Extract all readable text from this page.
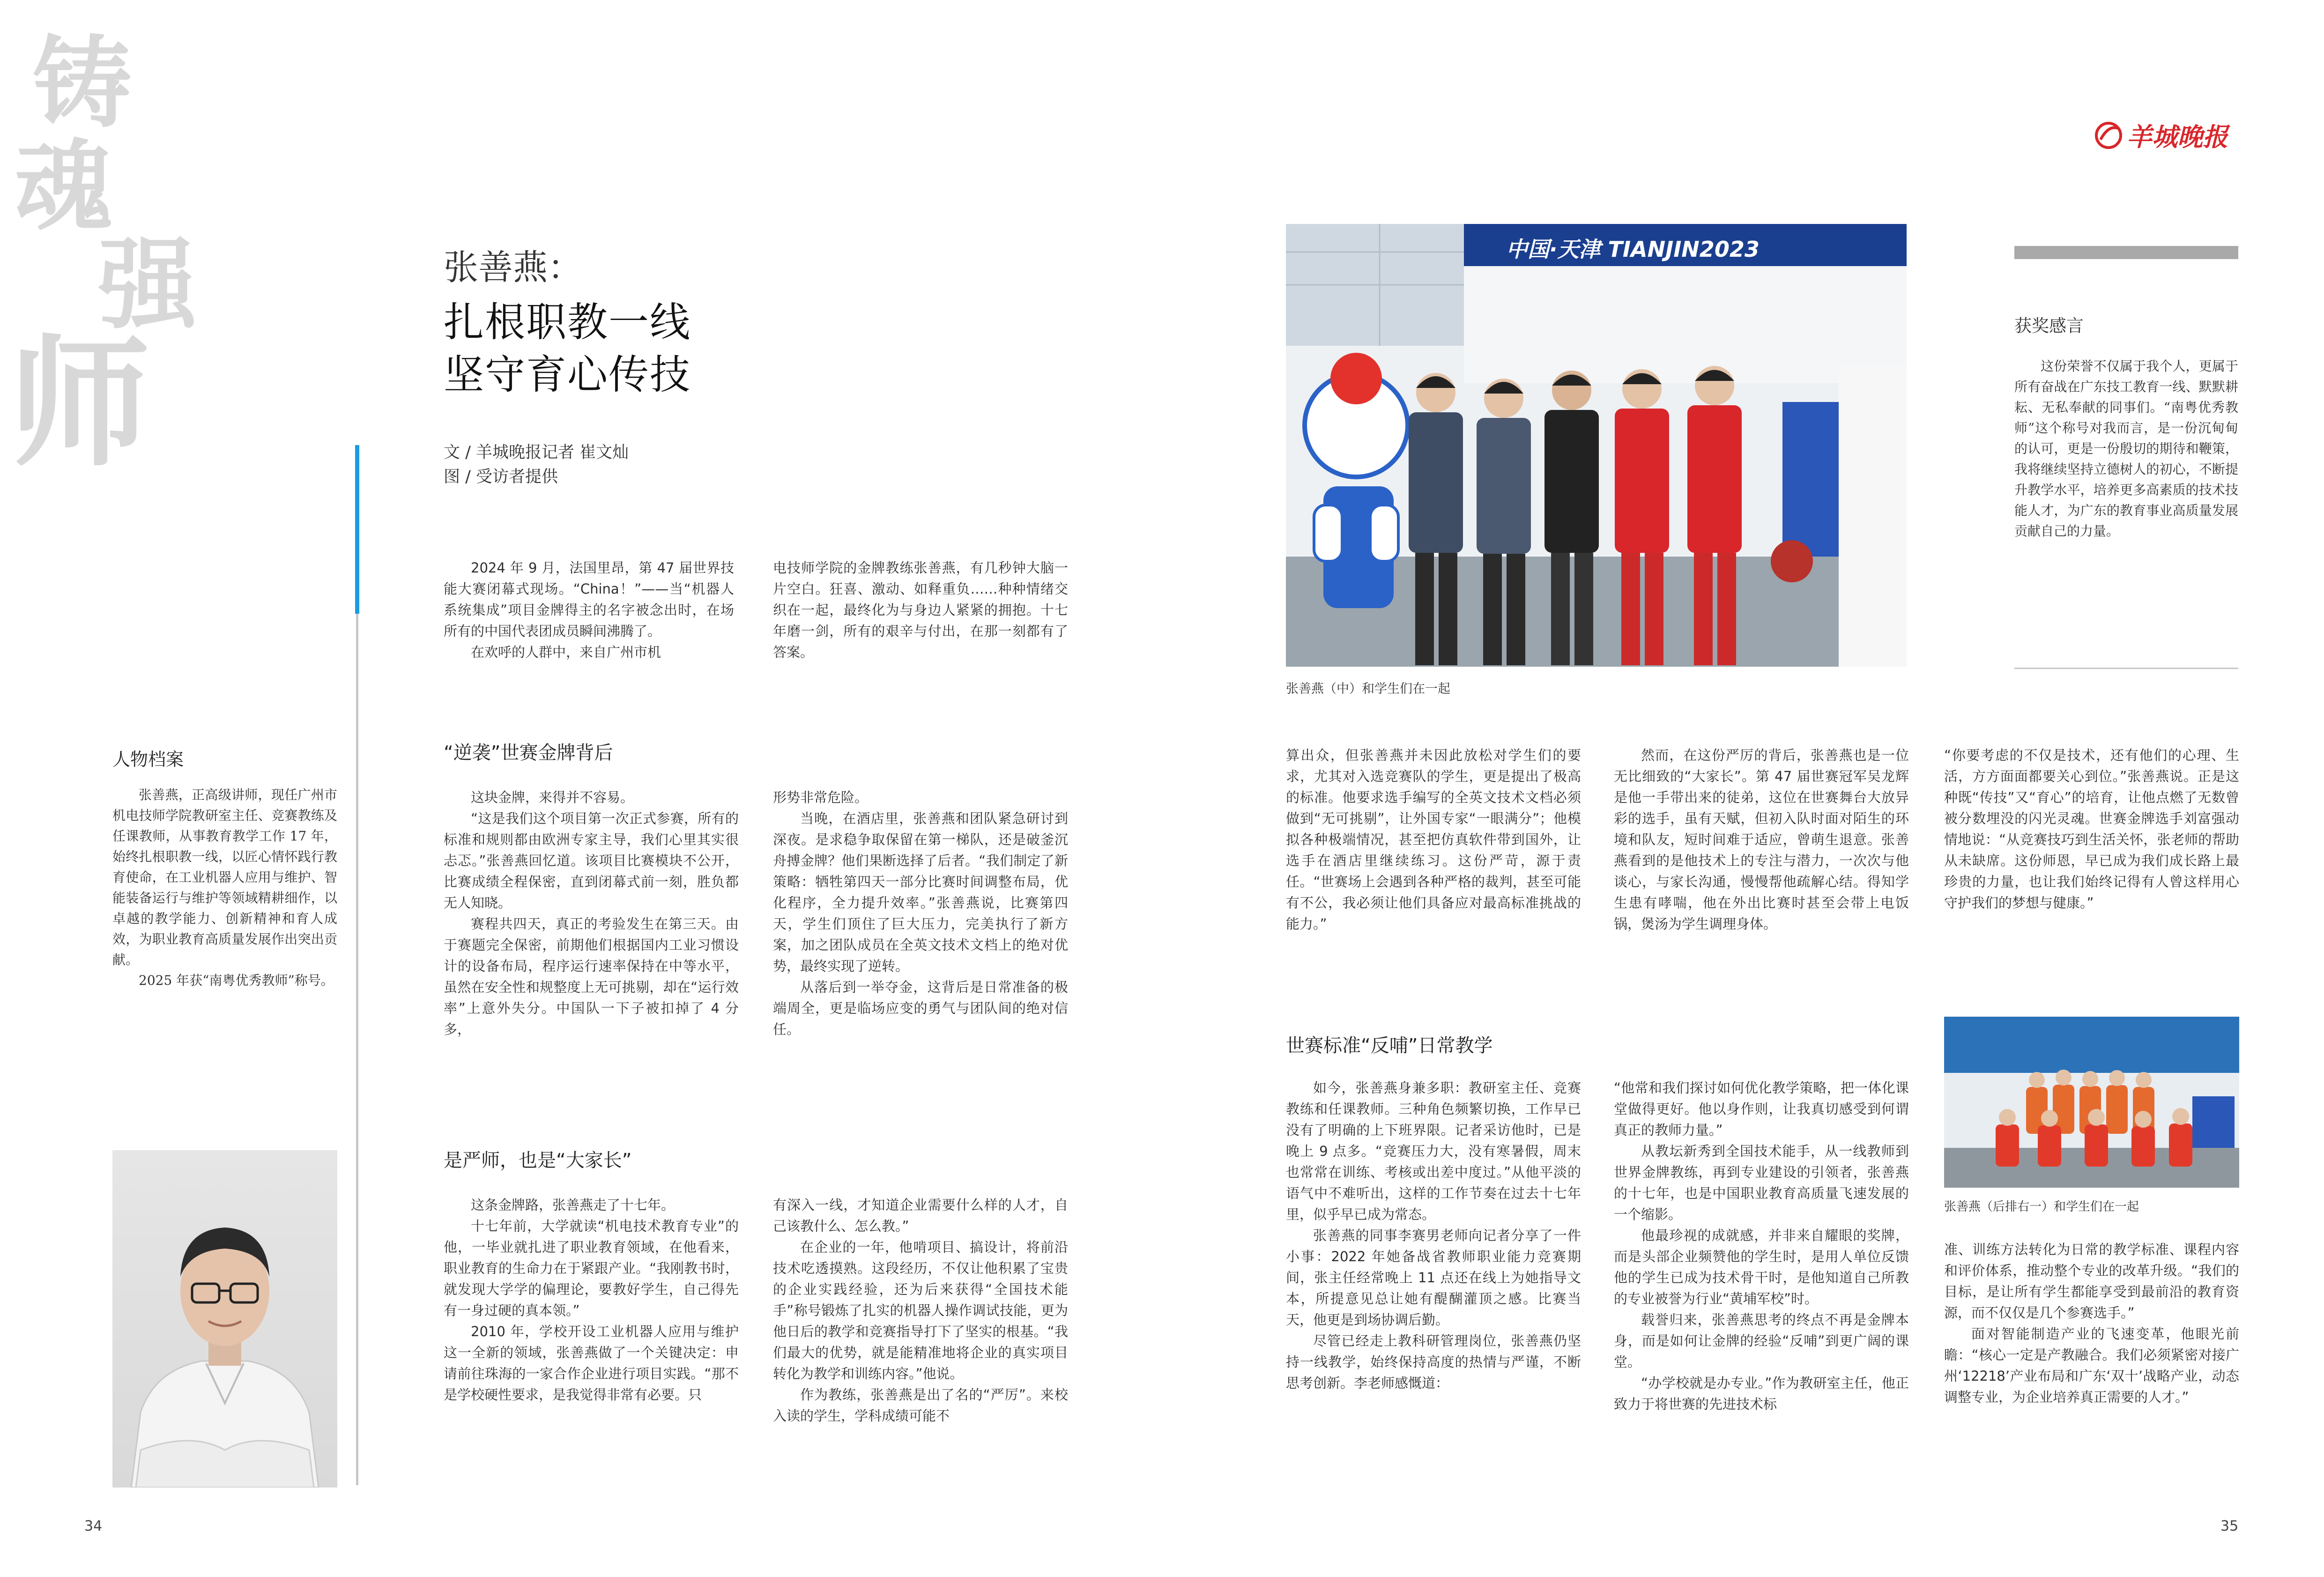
铸
魂
强
师
张善燕：
扎根职教一线
坚守育心传技
文 / 羊城晚报记者 崔文灿
图 / 受访者提供

2024 年 9 月，法国里昂，第 47 届世界技能大赛闭幕式现场。“China！”——当“机器人系统集成”项目金牌得主的名字被念出时，在场所有的中国代表团成员瞬间沸腾了。

在欢呼的人群中，来自广州市机

电技师学院的金牌教练张善燕，有几秒钟大脑一片空白。狂喜、激动、如释重负……种种情绪交织在一起，最终化为与身边人紧紧的拥抱。十七年磨一剑，所有的艰辛与付出，在那一刻都有了答案。

人物档案

张善燕，正高级讲师，现任广州市机电技师学院教研室主任、竞赛教练及任课教师，从事教育教学工作 17 年，始终扎根职教一线，以匠心情怀践行教育使命，在工业机器人应用与维护、智能装备运行与维护等领域精耕细作，以卓越的教学能力、创新精神和育人成效，为职业教育高质量发展作出突出贡献。

2025 年获“南粤优秀教师”称号。

“逆袭”世赛金牌背后

这块金牌，来得并不容易。

“这是我们这个项目第一次正式参赛，所有的标准和规则都由欧洲专家主导，我们心里其实很忐忑。”张善燕回忆道。该项目比赛模块不公开，比赛成绩全程保密，直到闭幕式前一刻，胜负都无人知晓。

赛程共四天，真正的考验发生在第三天。由于赛题完全保密，前期他们根据国内工业习惯设计的设备布局，程序运行速率保持在中等水平，虽然在安全性和规整度上无可挑剔，却在“运行效率”上意外失分。中国队一下子被扣掉了 4 分多，

形势非常危险。

当晚，在酒店里，张善燕和团队紧急研讨到深夜。是求稳争取保留在第一梯队，还是破釜沉舟搏金牌？他们果断选择了后者。“我们制定了新策略：牺牲第四天一部分比赛时间调整布局，优化程序，全力提升效率。”张善燕说，比赛第四天，学生们顶住了巨大压力，完美执行了新方案，加之团队成员在全英文技术文档上的绝对优势，最终实现了逆转。

从落后到一举夺金，这背后是日常准备的极端周全，更是临场应变的勇气与团队间的绝对信任。

是严师，也是“大家长”

这条金牌路，张善燕走了十七年。

十七年前，大学就读“机电技术教育专业”的他，一毕业就扎进了职业教育领域，在他看来，职业教育的生命力在于紧跟产业。“我刚教书时，就发现大学学的偏理论，要教好学生，自己得先有一身过硬的真本领。”

2010 年，学校开设工业机器人应用与维护这一全新的领域，张善燕做了一个关键决定：申请前往珠海的一家合作企业进行项目实践。“那不是学校硬性要求，是我觉得非常有必要。只

有深入一线，才知道企业需要什么样的人才，自己该教什么、怎么教。”

在企业的一年，他啃项目、搞设计，将前沿技术吃透摸熟。这段经历，不仅让他积累了宝贵的企业实践经验，还为后来获得“全国技术能手”称号锻炼了扎实的机器人操作调试技能，更为他日后的教学和竞赛指导打下了坚实的根基。“我们最大的优势，就是能精准地将企业的真实项目转化为教学和训练内容。”他说。

作为教练，张善燕是出了名的“严厉”。来校入读的学生，学科成绩可能不

34
羊城晚报
中国·天津 TIANJIN2023
张善燕（中）和学生们在一起
获奖感言

这份荣誉不仅属于我个人，更属于所有奋战在广东技工教育一线、默默耕耘、无私奉献的同事们。“南粤优秀教师”这个称号对我而言，是一份沉甸甸的认可，更是一份殷切的期待和鞭策，我将继续坚持立德树人的初心，不断提升教学水平，培养更多高素质的技术技能人才，为广东的教育事业高质量发展贡献自己的力量。

算出众，但张善燕并未因此放松对学生们的要求，尤其对入选竞赛队的学生，更是提出了极高的标准。他要求选手编写的全英文技术文档必须做到“无可挑剔”，让外国专家“一眼满分”；他模拟各种极端情况，甚至把仿真软件带到国外，让选手在酒店里继续练习。这份严苛，源于责任。“世赛场上会遇到各种严格的裁判，甚至可能有不公，我必须让他们具备应对最高标准挑战的能力。”

然而，在这份严厉的背后，张善燕也是一位无比细致的“大家长”。第 47 届世赛冠军吴龙辉是他一手带出来的徒弟，这位在世赛舞台大放异彩的选手，虽有天赋，但初入队时面对陌生的环境和队友，短时间难于适应，曾萌生退意。张善燕看到的是他技术上的专注与潜力，一次次与他谈心，与家长沟通，慢慢帮他疏解心结。得知学生患有哮喘，他在外出比赛时甚至会带上电饭锅，煲汤为学生调理身体。

“你要考虑的不仅是技术，还有他们的心理、生活，方方面面都要关心到位。”张善燕说。正是这种既“传技”又“育心”的培育，让他点燃了无数曾被分数埋没的闪光灵魂。世赛金牌选手刘富强动情地说：“从竞赛技巧到生活关怀，张老师的帮助从未缺席。这份师恩，早已成为我们成长路上最珍贵的力量，也让我们始终记得有人曾这样用心守护我们的梦想与健康。”

世赛标准“反哺”日常教学

如今，张善燕身兼多职：教研室主任、竞赛教练和任课教师。三种角色频繁切换，工作早已没有了明确的上下班界限。记者采访他时，已是晚上 9 点多。“竞赛压力大，没有寒暑假，周末也常常在训练、考核或出差中度过。”从他平淡的语气中不难听出，这样的工作节奏在过去十七年里，似乎早已成为常态。

张善燕的同事李赛男老师向记者分享了一件小事：2022 年她备战省教师职业能力竞赛期间，张主任经常晚上 11 点还在线上为她指导文本，所提意见总让她有醍醐灌顶之感。比赛当天，他更是到场协调后勤。

尽管已经走上教科研管理岗位，张善燕仍坚持一线教学，始终保持高度的热情与严谨，不断思考创新。李老师感慨道：

“他常和我们探讨如何优化教学策略，把一体化课堂做得更好。他以身作则，让我真切感受到何谓真正的教师力量。”

从教坛新秀到全国技术能手，从一线教师到世界金牌教练，再到专业建设的引领者，张善燕的十七年，也是中国职业教育高质量飞速发展的一个缩影。

他最珍视的成就感，并非来自耀眼的奖牌，而是头部企业频赞他的学生时，是用人单位反馈他的学生已成为技术骨干时，是他知道自己所教的专业被誉为行业“黄埔军校”时。

载誉归来，张善燕思考的终点不再是金牌本身，而是如何让金牌的经验“反哺”到更广阔的课堂。

“办学校就是办专业。”作为教研室主任，他正致力于将世赛的先进技术标

张善燕（后排右一）和学生们在一起

准、训练方法转化为日常的教学标准、课程内容和评价体系，推动整个专业的改革升级。“我们的目标，是让所有学生都能享受到最前沿的教育资源，而不仅仅是几个参赛选手。”

面对智能制造产业的飞速变革，他眼光前瞻：“核心一定是产教融合。我们必须紧密对接广州‘12218’产业布局和广东‘双十’战略产业，动态调整专业，为企业培养真正需要的人才。”

35
